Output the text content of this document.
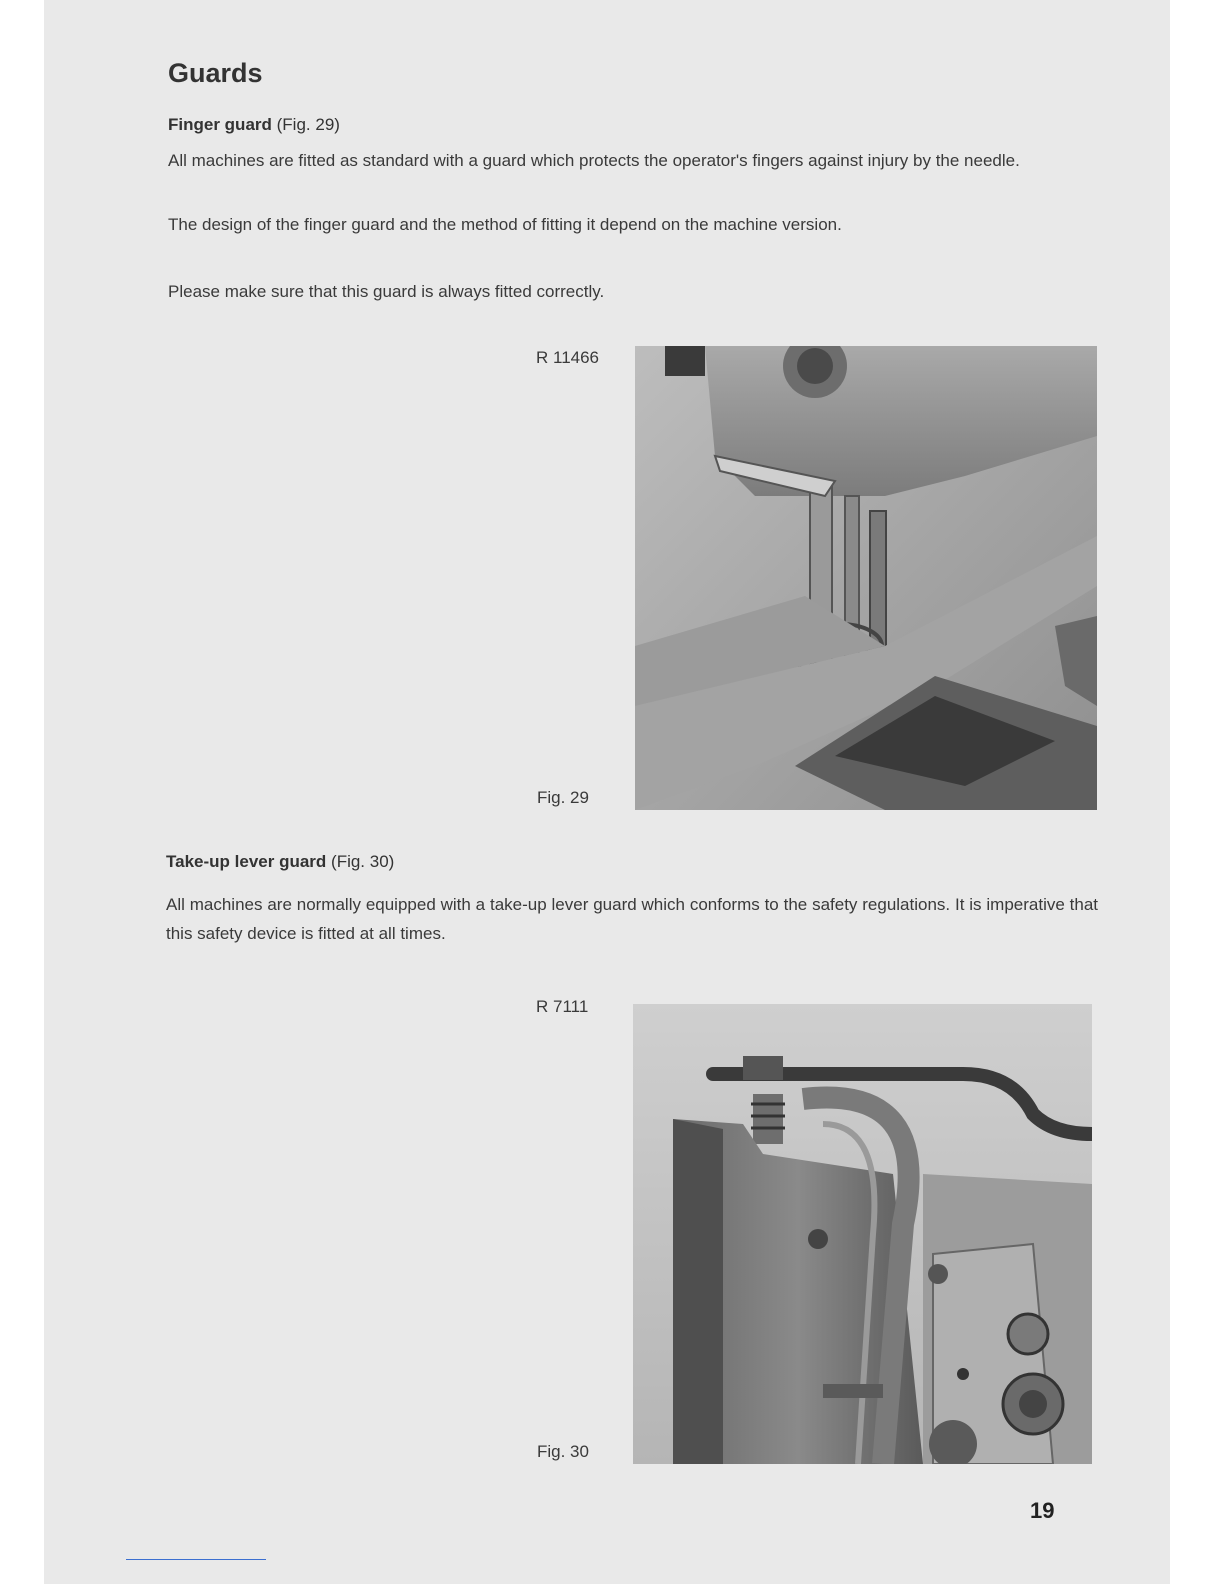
Guards
Finger guard (Fig. 29)
All machines are fitted as standard with a guard which protects the operator's fingers against injury by the needle.
The design of the finger guard and the method of fitting it depend on the machine version.
Please make sure that this guard is always fitted correctly.
R 11466
Fig. 29
Take-up lever guard (Fig. 30)
All machines are normally equipped with a take-up lever guard which conforms to the safety regulations. It is imperative that this safety device is fitted at all times.
R 7111
Fig. 30
19
